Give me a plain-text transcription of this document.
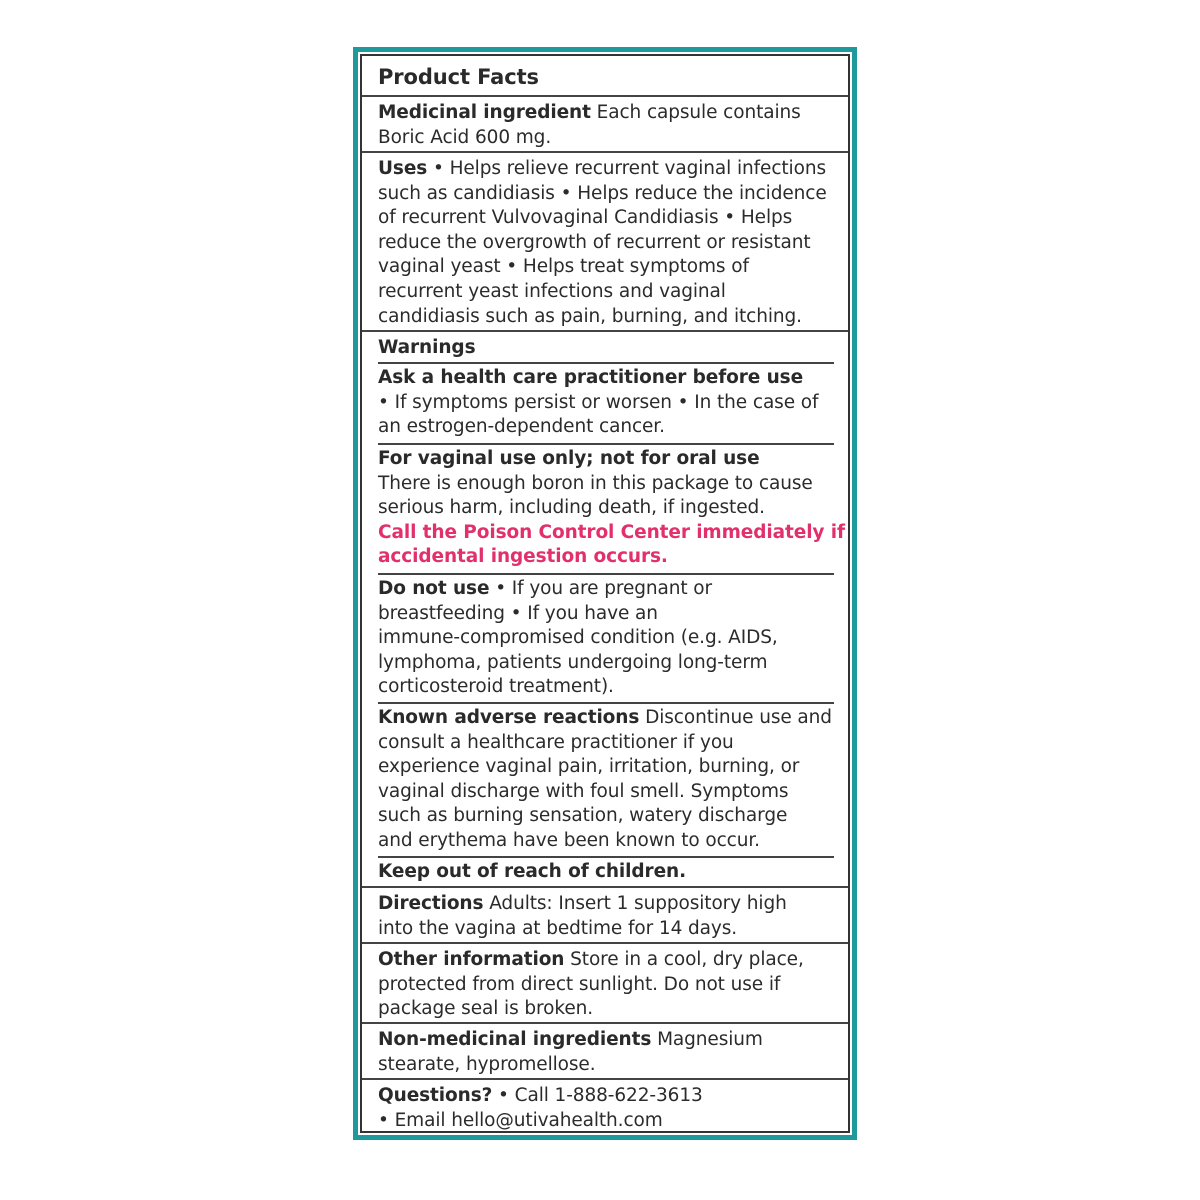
Product Facts
Medicinal ingredient Each capsule contains
Boric Acid 600 mg.
Uses • Helps relieve recurrent vaginal infections
such as candidiasis • Helps reduce the incidence
of recurrent Vulvovaginal Candidiasis • Helps
reduce the overgrowth of recurrent or resistant
vaginal yeast • Helps treat symptoms of
recurrent yeast infections and vaginal
candidiasis such as pain, burning, and itching.
Warnings
Ask a health care practitioner before use
• If symptoms persist or worsen • In the case of
an estrogen-dependent cancer.
For vaginal use only; not for oral use
There is enough boron in this package to cause
serious harm, including death, if ingested.
Call the Poison Control Center immediately if
accidental ingestion occurs.
Do not use • If you are pregnant or
breastfeeding • If you have an
immune-compromised condition (e.g. AIDS,
lymphoma, patients undergoing long-term
corticosteroid treatment).
Known adverse reactions Discontinue use and
consult a healthcare practitioner if you
experience vaginal pain, irritation, burning, or
vaginal discharge with foul smell. Symptoms
such as burning sensation, watery discharge
and erythema have been known to occur.
Keep out of reach of children.
Directions Adults: Insert 1 suppository high
into the vagina at bedtime for 14 days.
Other information Store in a cool, dry place,
protected from direct sunlight. Do not use if
package seal is broken.
Non-medicinal ingredients Magnesium
stearate, hypromellose.
Questions? • Call 1-888-622-3613
• Email hello@utivahealth.com
